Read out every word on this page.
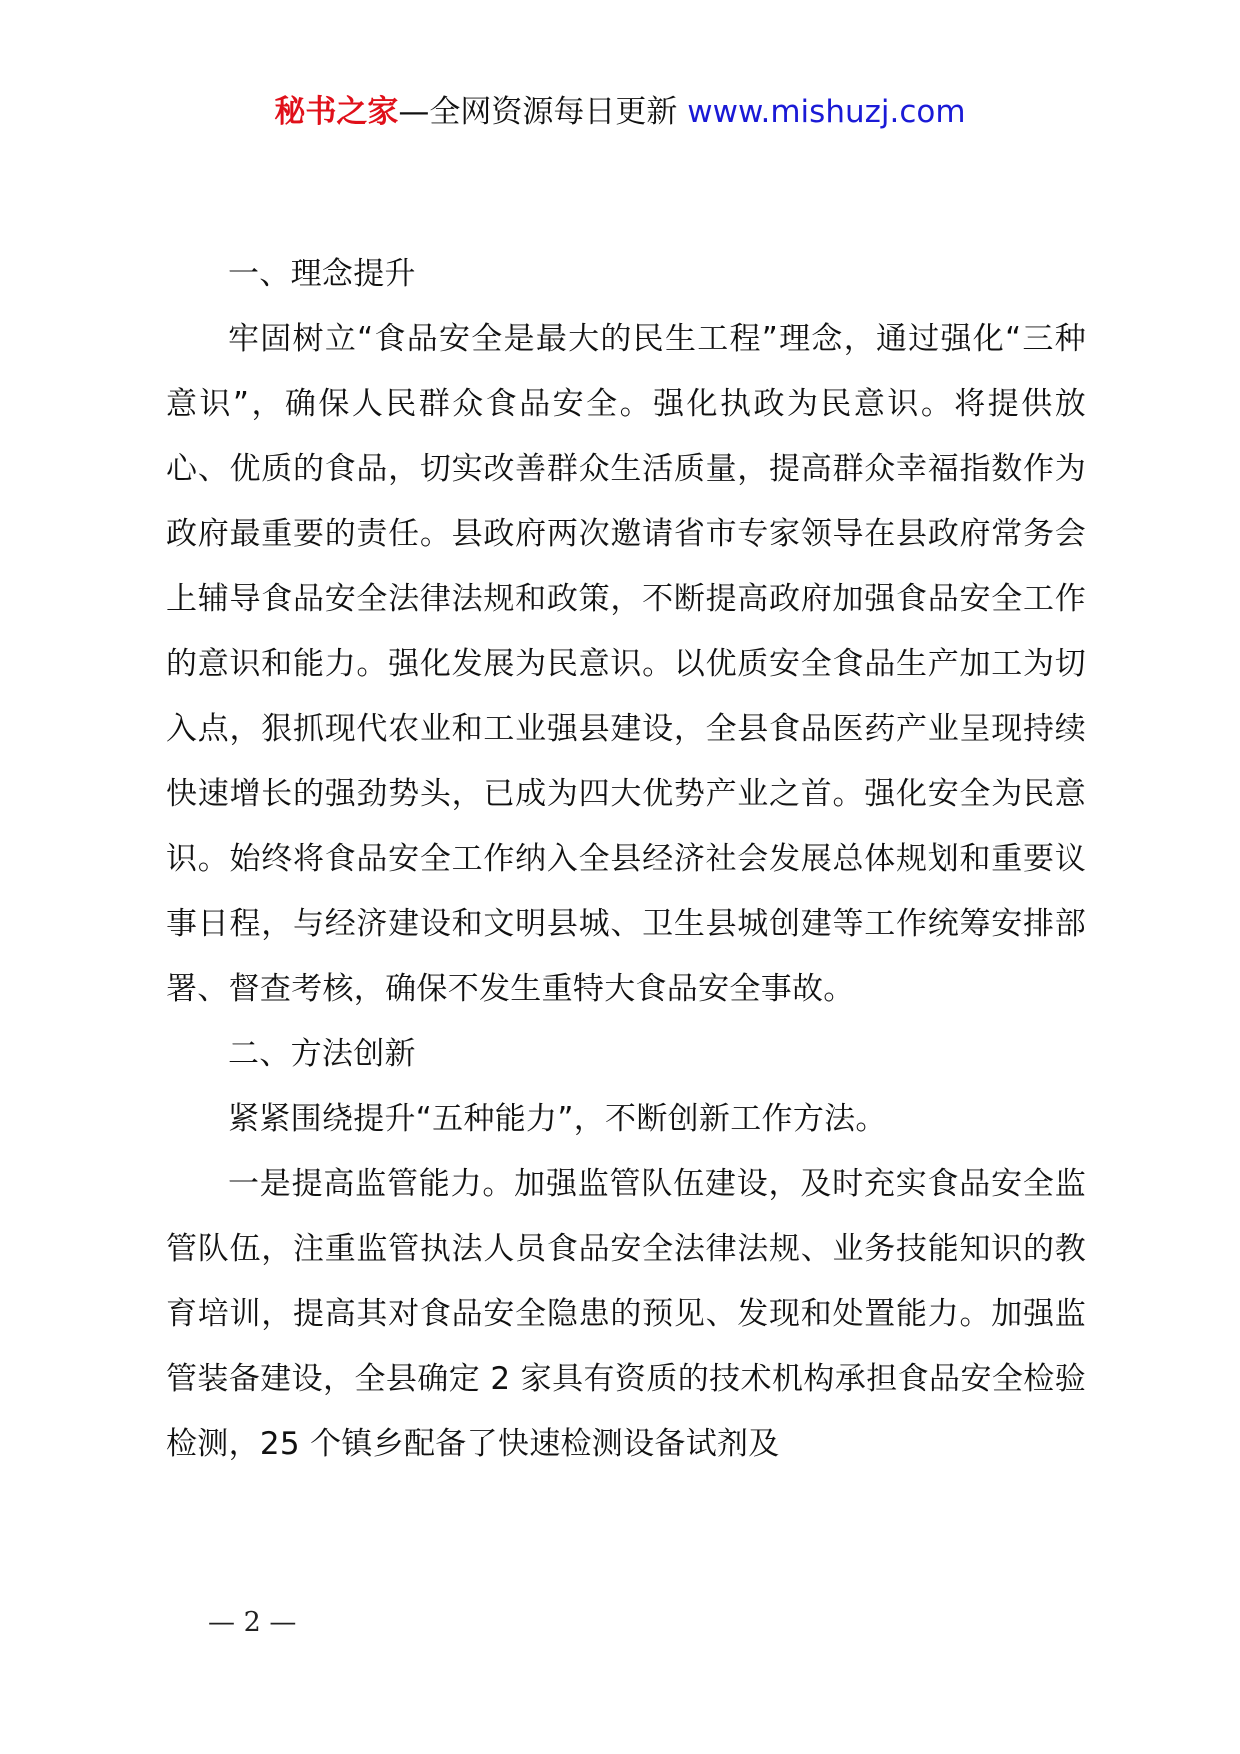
秘书之家—全网资源每日更新 www.mishuzj.com

一、理念提升

牢固树立“食品安全是最大的民生工程”理念，通过强化“三种意识”，确保人民群众食品安全。强化执政为民意识。将提供放心、优质的食品，切实改善群众生活质量，提高群众幸福指数作为政府最重要的责任。县政府两次邀请省市专家领导在县政府常务会上辅导食品安全法律法规和政策，不断提高政府加强食品安全工作的意识和能力。强化发展为民意识。以优质安全食品生产加工为切入点，狠抓现代农业和工业强县建设，全县食品医药产业呈现持续快速增长的强劲势头，已成为四大优势产业之首。强化安全为民意识。始终将食品安全工作纳入全县经济社会发展总体规划和重要议事日程，与经济建设和文明县城、卫生县城创建等工作统筹安排部署、督查考核，确保不发生重特大食品安全事故。

二、方法创新

紧紧围绕提升“五种能力”，不断创新工作方法。

一是提高监管能力。加强监管队伍建设，及时充实食品安全监管队伍，注重监管执法人员食品安全法律法规、业务技能知识的教育培训，提高其对食品安全隐患的预见、发现和处置能力。加强监管装备建设，全县确定 2 家具有资质的技术机构承担食品安全检验检测，25 个镇乡配备了快速检测设备试剂及

— 2 —
